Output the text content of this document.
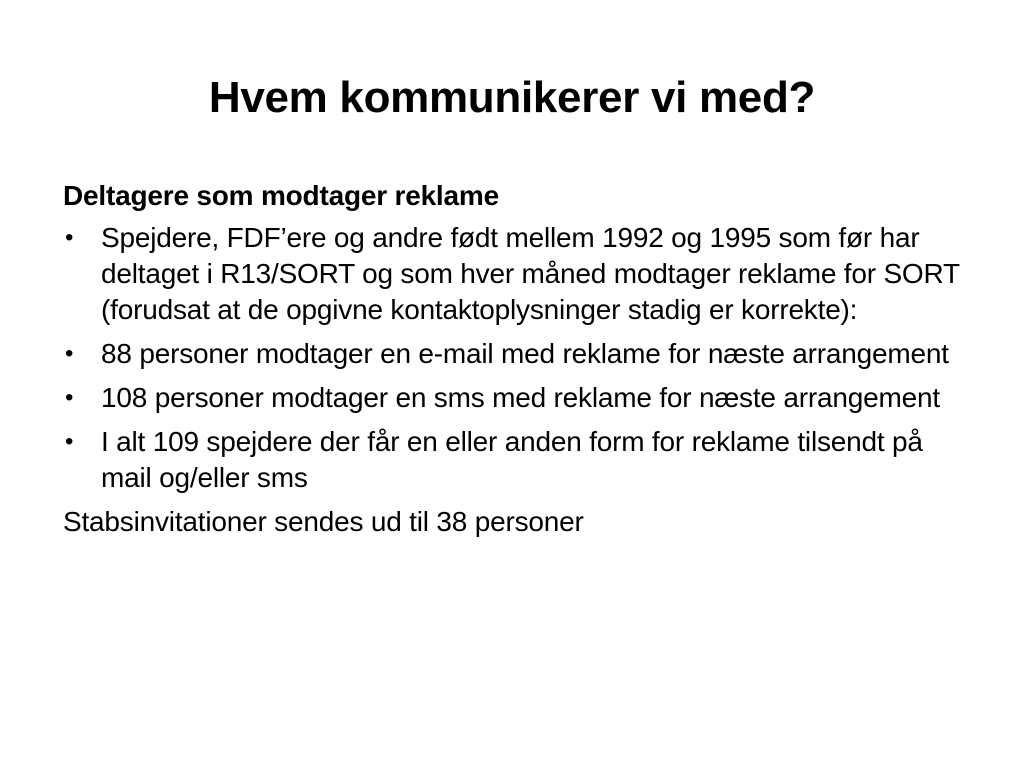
Hvem kommunikerer vi med?
Deltagere som modtager reklame
• Spejdere, FDF’ere og andre født mellem 1992 og 1995 som før har deltaget i R13/SORT og som hver måned modtager reklame for SORT (forudsat at de opgivne kontaktoplysninger stadig er korrekte):
• 88 personer modtager en e-mail med reklame for næste arrangement
• 108 personer modtager en sms med reklame for næste arrangement
• I alt 109 spejdere der får en eller anden form for reklame tilsendt på mail og/eller sms

Stabsinvitationer sendes ud til 38 personer
